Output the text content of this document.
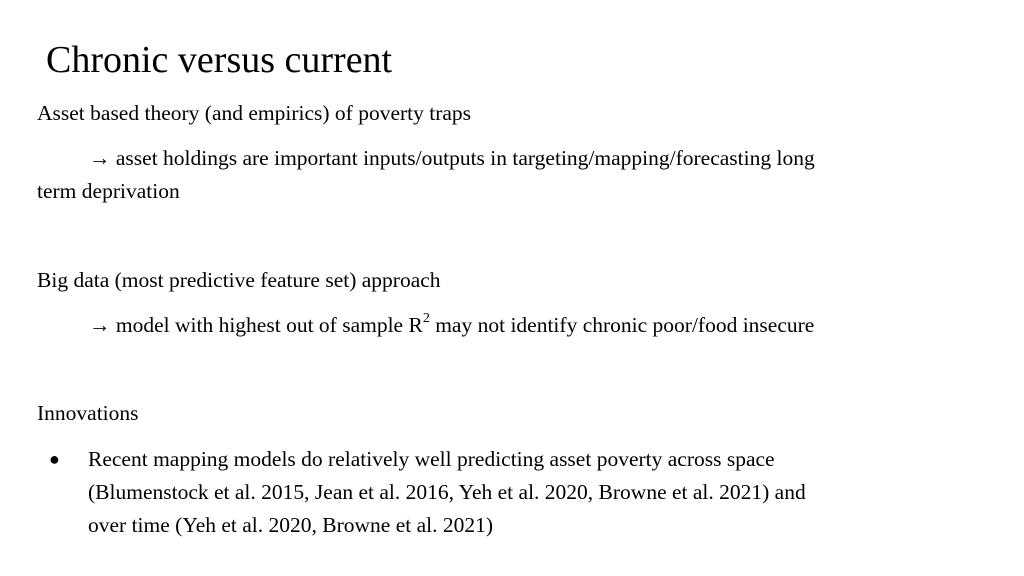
Chronic versus current
Asset based theory (and empirics) of poverty traps
→ asset holdings are important inputs/outputs in targeting/mapping/forecasting long
term deprivation
Big data (most predictive feature set) approach
→ model with highest out of sample $R^2$ may not identify chronic poor/food insecure
Innovations
●	Recent mapping models do relatively well predicting asset poverty across space
(Blumenstock et al. 2015, Jean et al. 2016, Yeh et al. 2020, Browne et al. 2021) and
over time (Yeh et al. 2020, Browne et al. 2021)
